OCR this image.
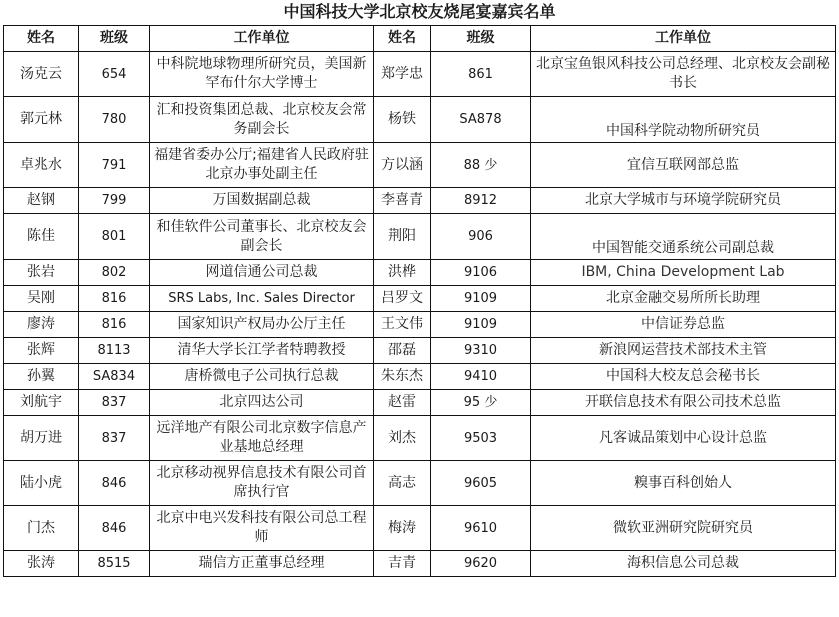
中国科技大学北京校友烧尾宴嘉宾名单
姓名	班级	工作单位	姓名	班级	工作单位
汤克云	654	中科院地球物理所研究员，美国新罕布什尔大学博士	郑学忠	861	北京宝鱼银风科技公司总经理、北京校友会副秘书长
郭元林	780	汇和投资集团总裁、北京校友会常务副会长	杨铁	SA878	中国科学院动物所研究员
卓兆水	791	福建省委办公厅;福建省人民政府驻北京办事处副主任	方以涵	88 少	宜信互联网部总监
赵钢	799	万国数据副总裁	李喜青	8912	北京大学城市与环境学院研究员
陈佳	801	和佳软件公司董事长、北京校友会副会长	荆阳	906	中国智能交通系统公司副总裁
张岩	802	网道信通公司总裁	洪桦	9106	IBM, China Development Lab
吴刚	816	SRS Labs, Inc. Sales Director	吕罗文	9109	北京金融交易所所长助理
廖涛	816	国家知识产权局办公厅主任	王文伟	9109	中信证券总监
张辉	8113	清华大学长江学者特聘教授	邵磊	9310	新浪网运营技术部技术主管
孙翼	SA834	唐桥微电子公司执行总裁	朱东杰	9410	中国科大校友总会秘书长
刘航宇	837	北京四达公司	赵雷	95 少	开联信息技术有限公司技术总监
胡万进	837	远洋地产有限公司北京数字信息产业基地总经理	刘杰	9503	凡客诚品策划中心设计总监
陆小虎	846	北京移动视界信息技术有限公司首席执行官	高志	9605	糗事百科创始人
门杰	846	北京中电兴发科技有限公司总工程师	梅涛	9610	微软亚洲研究院研究员
张涛	8515	瑞信方正董事总经理	吉青	9620	海积信息公司总裁
